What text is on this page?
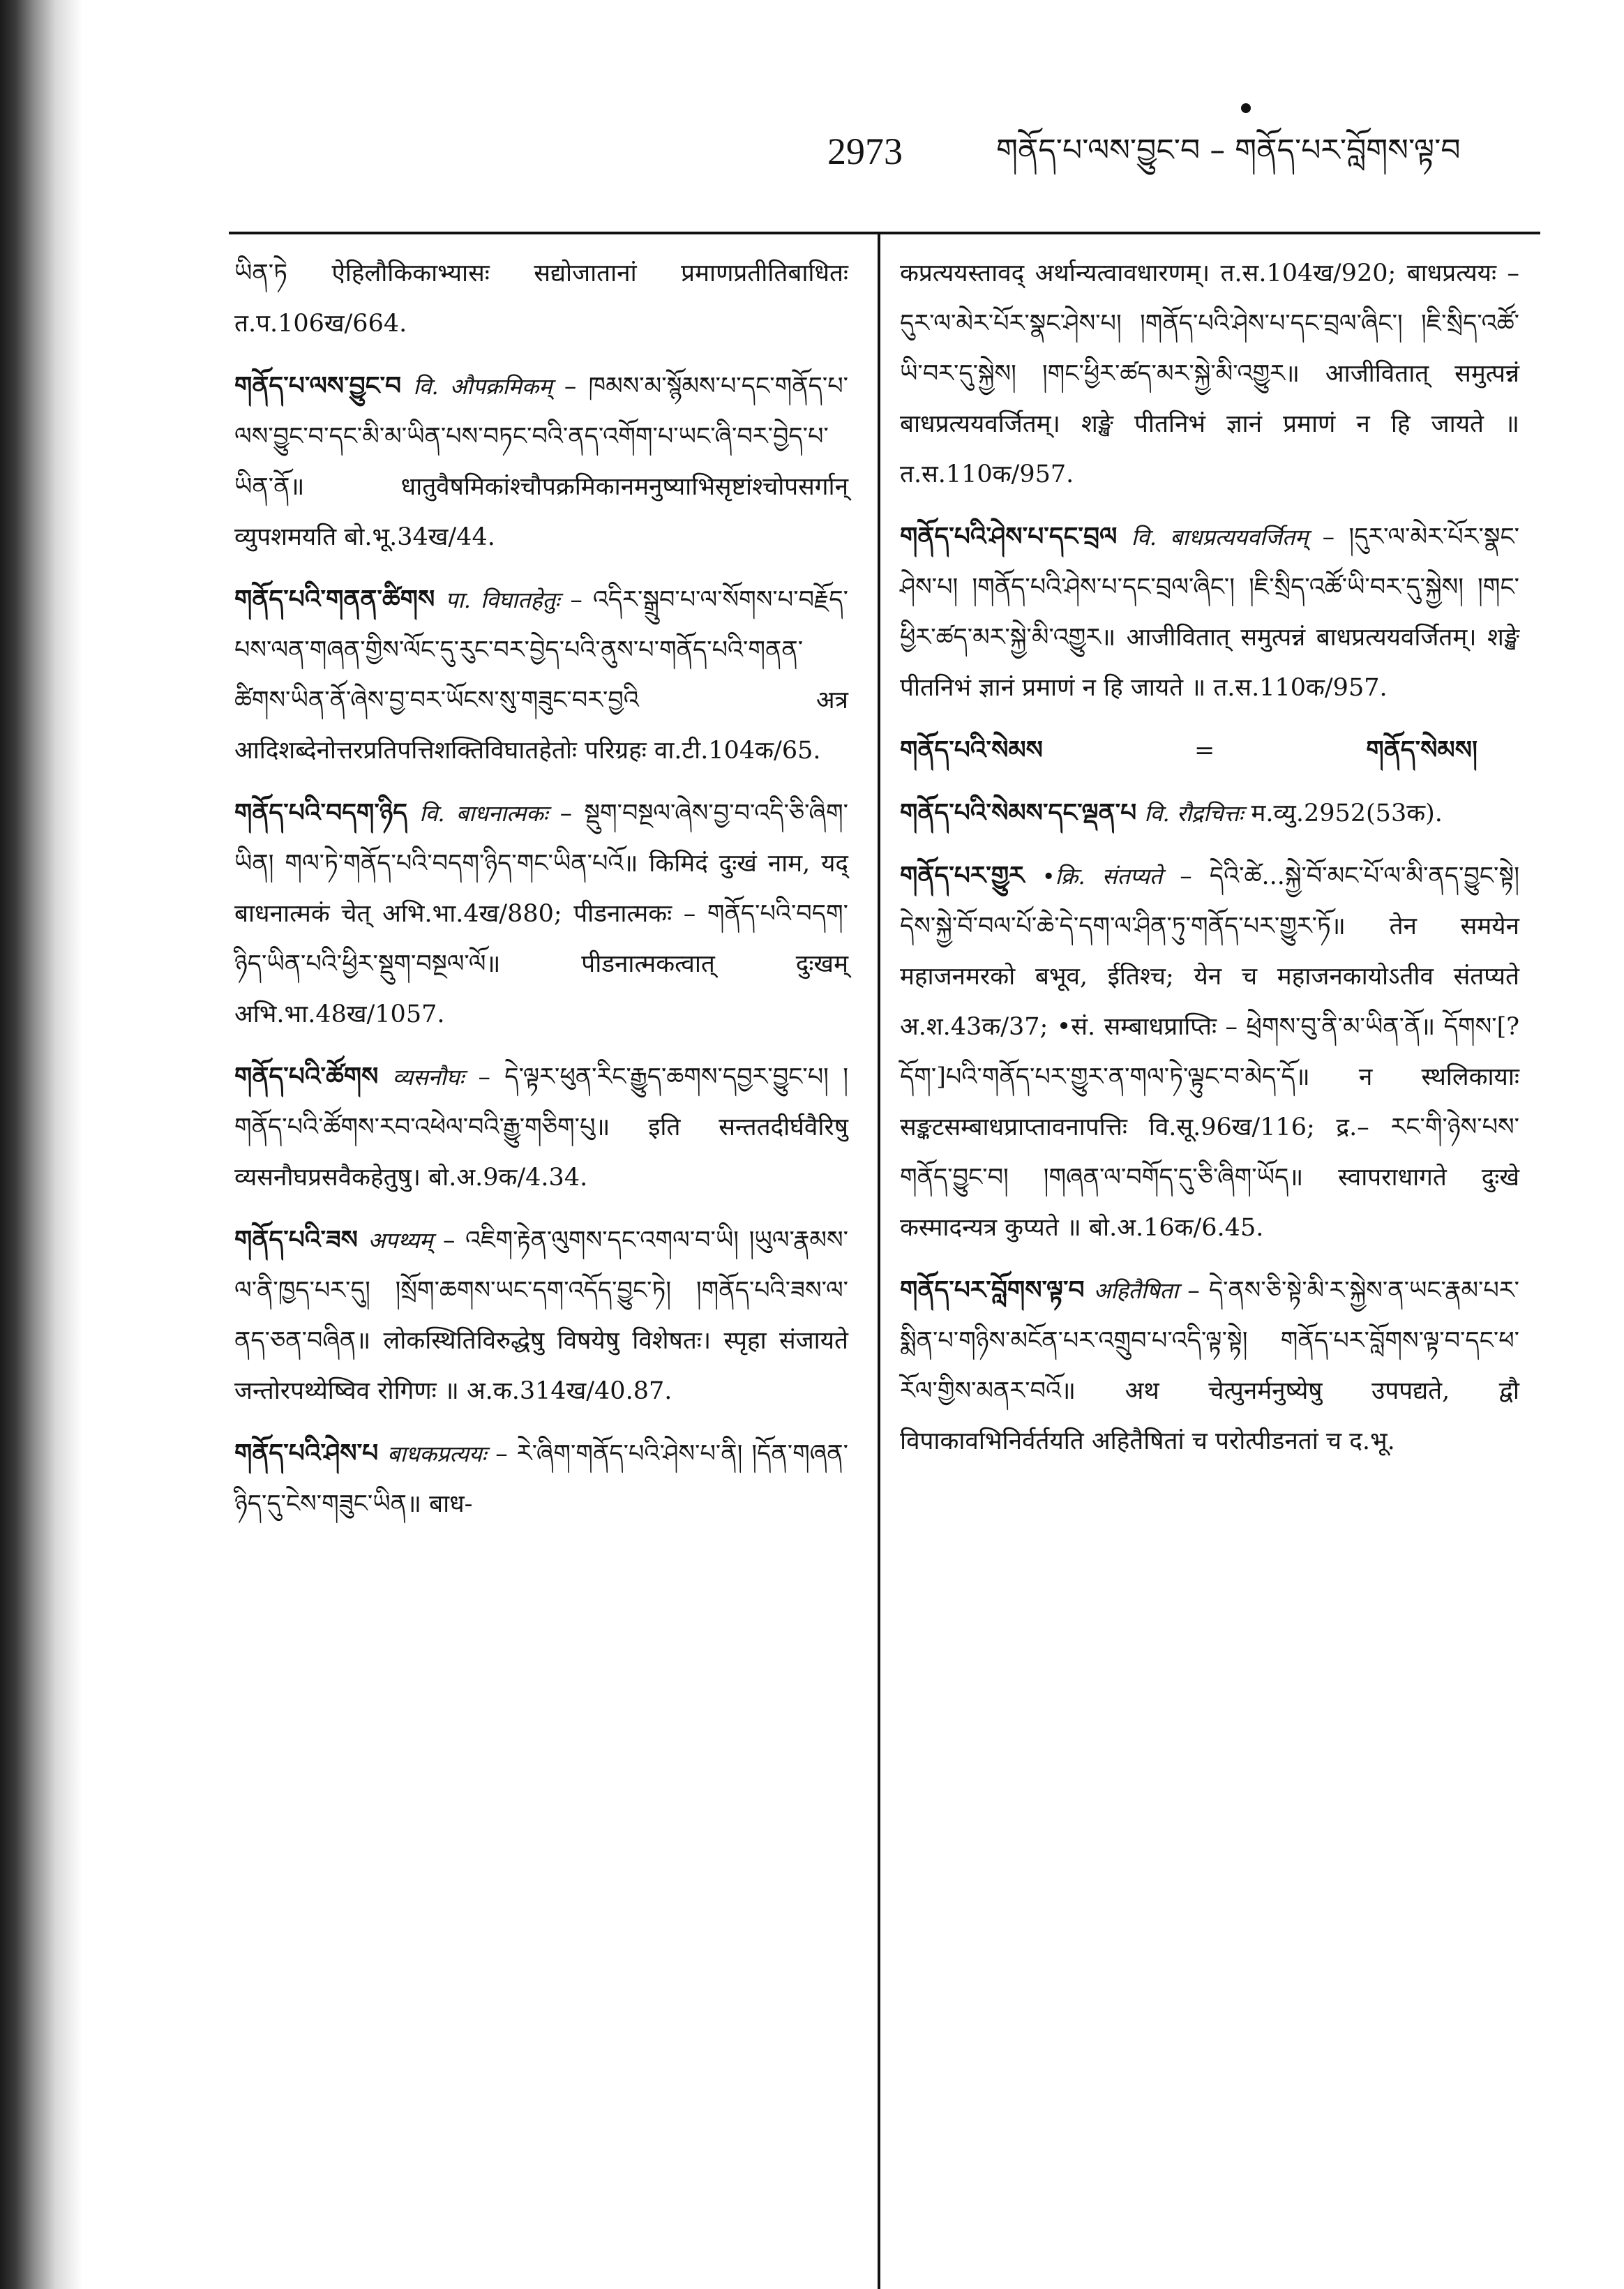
2973	གནོད་པ་ལས་བྱུང་བ – གནོད་པར་བློགས་ལྟ་བ

ཡིན་ཏེ ऐहिलौकिकाभ्यासः सद्योजातानां प्रमाणप्रतीतिबाधितः त.प.106ख/664.

གནོད་པ་ལས་བྱུང་བ वि. औपक्रमिकम् – ཁམས་མ་སྙོམས་པ་དང་གནོད་པ་ལས་བྱུང་བ་དང་མི་མ་ཡིན་པས་བཏང་བའི་ནད་འགོག་པ་ཡང་ཞི་བར་བྱེད་པ་ཡིན་ནོ॥ धातुवैषमिकांश्चौपक्रमिकानमनुष्याभिसृष्टांश्चोपसर्गान् व्युपशमयति बो.भू.34ख/44.

གནོད་པའི་གནན་ཚིགས पा. विघातहेतुः – འདིར་སྒྲུབ་པ་ལ་སོགས་པ་བརྗོད་པས་ལན་གཞན་གྱིས་ལོང་དུ་རུང་བར་བྱེད་པའི་ནུས་པ་གནོད་པའི་གནན་ཚིགས་ཡིན་ནོ་ཞེས་བྱ་བར་ཡོངས་སུ་གཟུང་བར་བྱའི अत्र आदिशब्देनोत्तरप्रतिपत्तिशक्तिविघातहेतोः परिग्रहः वा.टी.104क/65.

གནོད་པའི་བདག་ཉིད वि. बाधनात्मकः – སྡུག་བསྔལ་ཞེས་བྱ་བ་འདི་ཅི་ཞིག་ཡིན། གལ་ཏེ་གནོད་པའི་བདག་ཉིད་གང་ཡིན་པའོ॥ किमिदं दुःखं नाम, यद् बाधनात्मकं चेत् अभि.भा.4ख/880; पीडनात्मकः – གནོད་པའི་བདག་ཉིད་ཡིན་པའི་ཕྱིར་སྡུག་བསྔལ་ལོ॥ पीडनात्मकत्वात् दुःखम् अभि.भा.48ख/1057.

གནོད་པའི་ཚོགས व्यसनौघः – དེ་ལྟར་ཕུན་རིང་རྒྱུད་ཆགས་དབྱར་བྱུང་པ། །གནོད་པའི་ཚོགས་རབ་འཕེལ་བའི་རྒྱུ་གཅིག་པུ॥ इति सन्ततदीर्घवैरिषु व्यसनौघप्रसवैकहेतुषु। बो.अ.9क/4.34.

གནོད་པའི་ཟས अपथ्यम् – འཇིག་རྟེན་ལུགས་དང་འགལ་བ་ཡི། །ཡུལ་རྣམས་ལ་ནི་ཁྱད་པར་དུ། །སྲོག་ཆགས་ཡང་དག་འདོད་བྱུང་ཏེ། །གནོད་པའི་ཟས་ལ་ནད་ཅན་བཞིན॥ लोकस्थितिविरुद्धेषु विषयेषु विशेषतः। स्पृहा संजायते जन्तोरपथ्येष्विव रोगिणः ॥ अ.क.314ख/40.87.

གནོད་པའི་ཤེས་པ बाधकप्रत्ययः – རེ་ཞིག་གནོད་པའི་ཤེས་པ་ནི། །དོན་གཞན་ཉིད་དུ་ངེས་གཟུང་ཡིན॥ बाध-

कप्रत्ययस्तावद् अर्थान्यत्वावधारणम्। त.स.104ख/920; बाधप्रत्ययः – དུར་ལ་མེར་པོར་སྣང་ཤེས་པ། །གནོད་པའི་ཤེས་པ་དང་བྲལ་ཞིང་། །ཇི་སྲིད་འཚོ་ཡི་བར་དུ་སྐྱེས། །གང་ཕྱིར་ཚད་མར་སྐྱེ་མི་འགྱུར॥ आजीवितात् समुत्पन्नं बाधप्रत्ययवर्जितम्। शङ्खे पीतनिभं ज्ञानं प्रमाणं न हि जायते ॥ त.स.110क/957.

གནོད་པའི་ཤེས་པ་དང་བྲལ वि. बाधप्रत्ययवर्जितम् – །དུར་ལ་མེར་པོར་སྣང་ཤེས་པ། །གནོད་པའི་ཤེས་པ་དང་བྲལ་ཞིང་། །ཇི་སྲིད་འཚོ་ཡི་བར་དུ་སྐྱེས། །གང་ཕྱིར་ཚད་མར་སྐྱེ་མི་འགྱུར॥ आजीवितात् समुत्पन्नं बाधप्रत्ययवर्जितम्। शङ्खे पीतनिभं ज्ञानं प्रमाणं न हि जायते ॥ त.स.110क/957.

གནོད་པའི་སེམས	=	གནོད་སེམས།

གནོད་པའི་སེམས་དང་ལྡན་པ वि. रौद्रचित्तः म.व्यु.2952(53क).

གནོད་པར་གྱུར •क्रि. संतप्यते – དེའི་ཚེ...སྐྱེ་བོ་མང་པོ་ལ་མི་ནད་བྱུང་སྟེ། དེས་སྐྱེ་བོ་བལ་པོ་ཆེ་དེ་དག་ལ་ཤིན་ཏུ་གནོད་པར་གྱུར་ཏོ॥ तेन समयेन महाजनमरको बभूव, ईतिश्च; येन च महाजनकायोऽतीव संतप्यते अ.श.43क/37; •सं. सम्बाधप्राप्तिः – ཕྲེགས་བུ་ནི་མ་ཡིན་ནོ॥ དོགས་[? དོག་]པའི་གནོད་པར་གྱུར་ན་གལ་ཏེ་ལྟུང་བ་མེད་དོ॥ न स्थलिकायाः सङ्कटसम्बाधप्राप्तावनापत्तिः वि.सू.96ख/116; द्र.– རང་གི་ཉེས་པས་གནོད་བྱུང་བ། །གཞན་ལ་བགོད་དུ་ཅི་ཞིག་ཡོད॥ स्वापराधागते दुःखे कस्मादन्यत्र कुप्यते ॥ बो.अ.16क/6.45.

གནོད་པར་བློགས་ལྟ་བ अहितैषिता – དེ་ནས་ཅི་སྟེ་མི་ར་སྐྱེས་ན་ཡང་རྣམ་པར་སྨིན་པ་གཉིས་མངོན་པར་འགྲུབ་པ་འདི་ལྟ་སྟེ། གནོད་པར་བློགས་ལྟ་བ་དང་ཕ་རོལ་གྱིས་མནར་བའོ॥ अथ चेत्पुनर्मनुष्येषु उपपद्यते, द्वौ विपाकावभिनिर्वर्तयति अहितैषितां च परोत्पीडनतां च द.भू.
